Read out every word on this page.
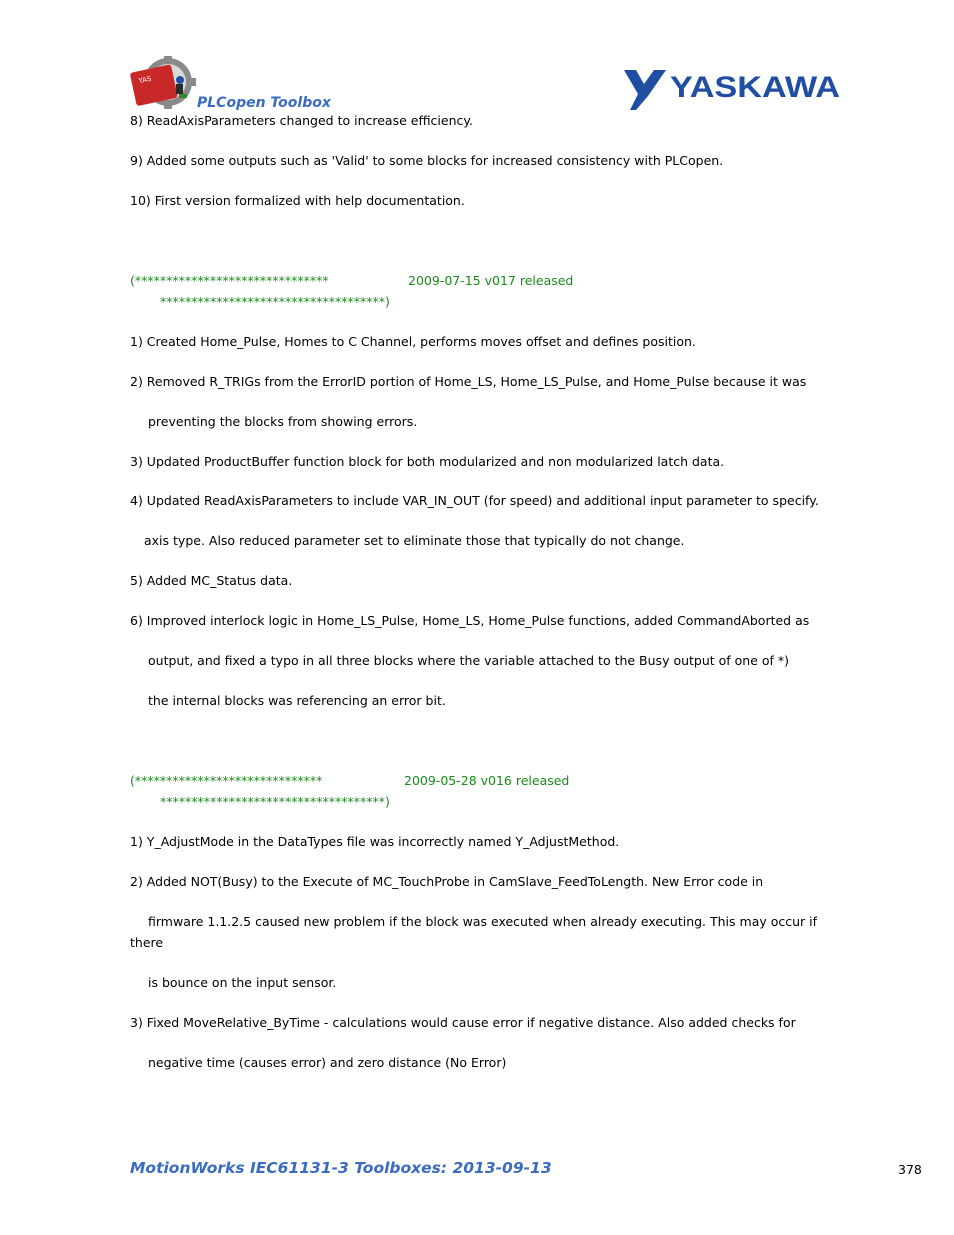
YAS
PLCopen Toolbox	YASKAWA
8) ReadAxisParameters changed to increase efficiency.
9) Added some outputs such as 'Valid' to some blocks for increased consistency with PLCopen.
10) First version formalized with help documentation.
(*******************************	2009-07-15 v017 released
************************************)
1) Created Home_Pulse, Homes to C Channel, performs moves offset and defines position.
2) Removed R_TRIGs from the ErrorID portion of Home_LS, Home_LS_Pulse, and Home_Pulse because it was
preventing the blocks from showing errors.
3) Updated ProductBuffer function block for both modularized and non modularized latch data.
4) Updated ReadAxisParameters to include VAR_IN_OUT (for speed) and additional input parameter to specify.
axis type. Also reduced parameter set to eliminate those that typically do not change.
5) Added MC_Status data.
6) Improved interlock logic in Home_LS_Pulse, Home_LS, Home_Pulse functions, added CommandAborted as
output, and fixed a typo in all three blocks where the variable attached to the Busy output of one of *)
the internal blocks was referencing an error bit.
(******************************	2009-05-28 v016 released
************************************)
1) Y_AdjustMode in the DataTypes file was incorrectly named Y_AdjustMethod.
2) Added NOT(Busy) to the Execute of MC_TouchProbe in CamSlave_FeedToLength. New Error code in
firmware 1.1.2.5 caused new problem if the block was executed when already executing. This may occur if
there
is bounce on the input sensor.
3) Fixed MoveRelative_ByTime - calculations would cause error if negative distance. Also added checks for
negative time (causes error) and zero distance (No Error)
MotionWorks IEC61131-3 Toolboxes: 2013-09-13	378
